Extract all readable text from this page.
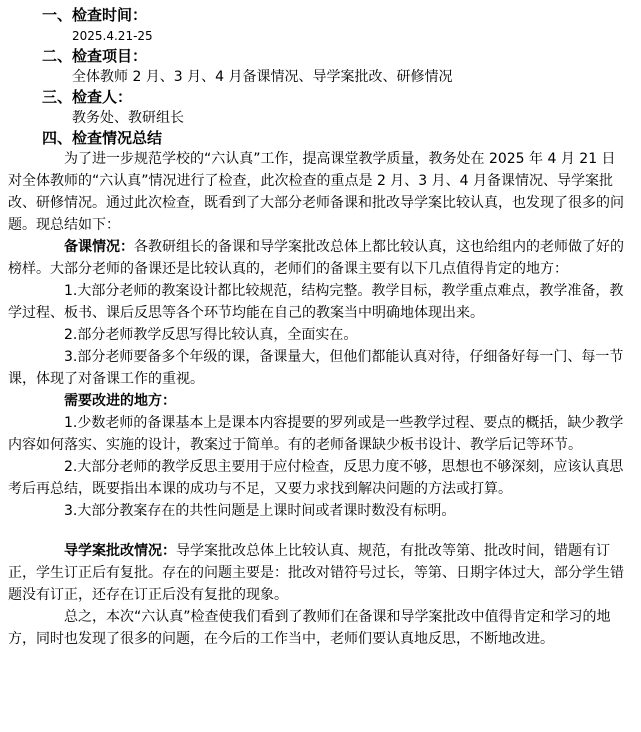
一、检查时间：
2025.4.21-25
二、检查项目：
全体教师 2 月、3 月、4 月备课情况、导学案批改、研修情况
三、检查人：
教务处、教研组长
四、检查情况总结

为了进一步规范学校的“六认真”工作，提高课堂教学质量，教务处在 2025 年 4 月 21 日对全体教师的“六认真”情况进行了检查，此次检查的重点是 2 月、3 月、4 月备课情况、导学案批改、研修情况。通过此次检查，既看到了大部分老师备课和批改导学案比较认真，也发现了很多的问题。现总结如下：

备课情况：各教研组长的备课和导学案批改总体上都比较认真，这也给组内的老师做了好的榜样。大部分老师的备课还是比较认真的，老师们的备课主要有以下几点值得肯定的地方：

1.大部分老师的教案设计都比较规范，结构完整。教学目标，教学重点难点，教学准备，教学过程、板书、课后反思等各个环节均能在自己的教案当中明确地体现出来。

2.部分老师教学反思写得比较认真，全面实在。

3.部分老师要备多个年级的课，备课量大，但他们都能认真对待，仔细备好每一门、每一节课，体现了对备课工作的重视。

需要改进的地方：

1.少数老师的备课基本上是课本内容提要的罗列或是一些教学过程、要点的概括，缺少教学内容如何落实、实施的设计，教案过于简单。有的老师备课缺少板书设计、教学后记等环节。

2.大部分老师的教学反思主要用于应付检查，反思力度不够，思想也不够深刻，应该认真思考后再总结，既要指出本课的成功与不足，又要力求找到解决问题的方法或打算。

3.大部分教案存在的共性问题是上课时间或者课时数没有标明。

导学案批改情况：导学案批改总体上比较认真、规范，有批改等第、批改时间，错题有订正，学生订正后有复批。存在的问题主要是：批改对错符号过长，等第、日期字体过大，部分学生错题没有订正，还存在订正后没有复批的现象。

总之，本次“六认真”检查使我们看到了教师们在备课和导学案批改中值得肯定和学习的地方，同时也发现了很多的问题，在今后的工作当中，老师们要认真地反思，不断地改进。
